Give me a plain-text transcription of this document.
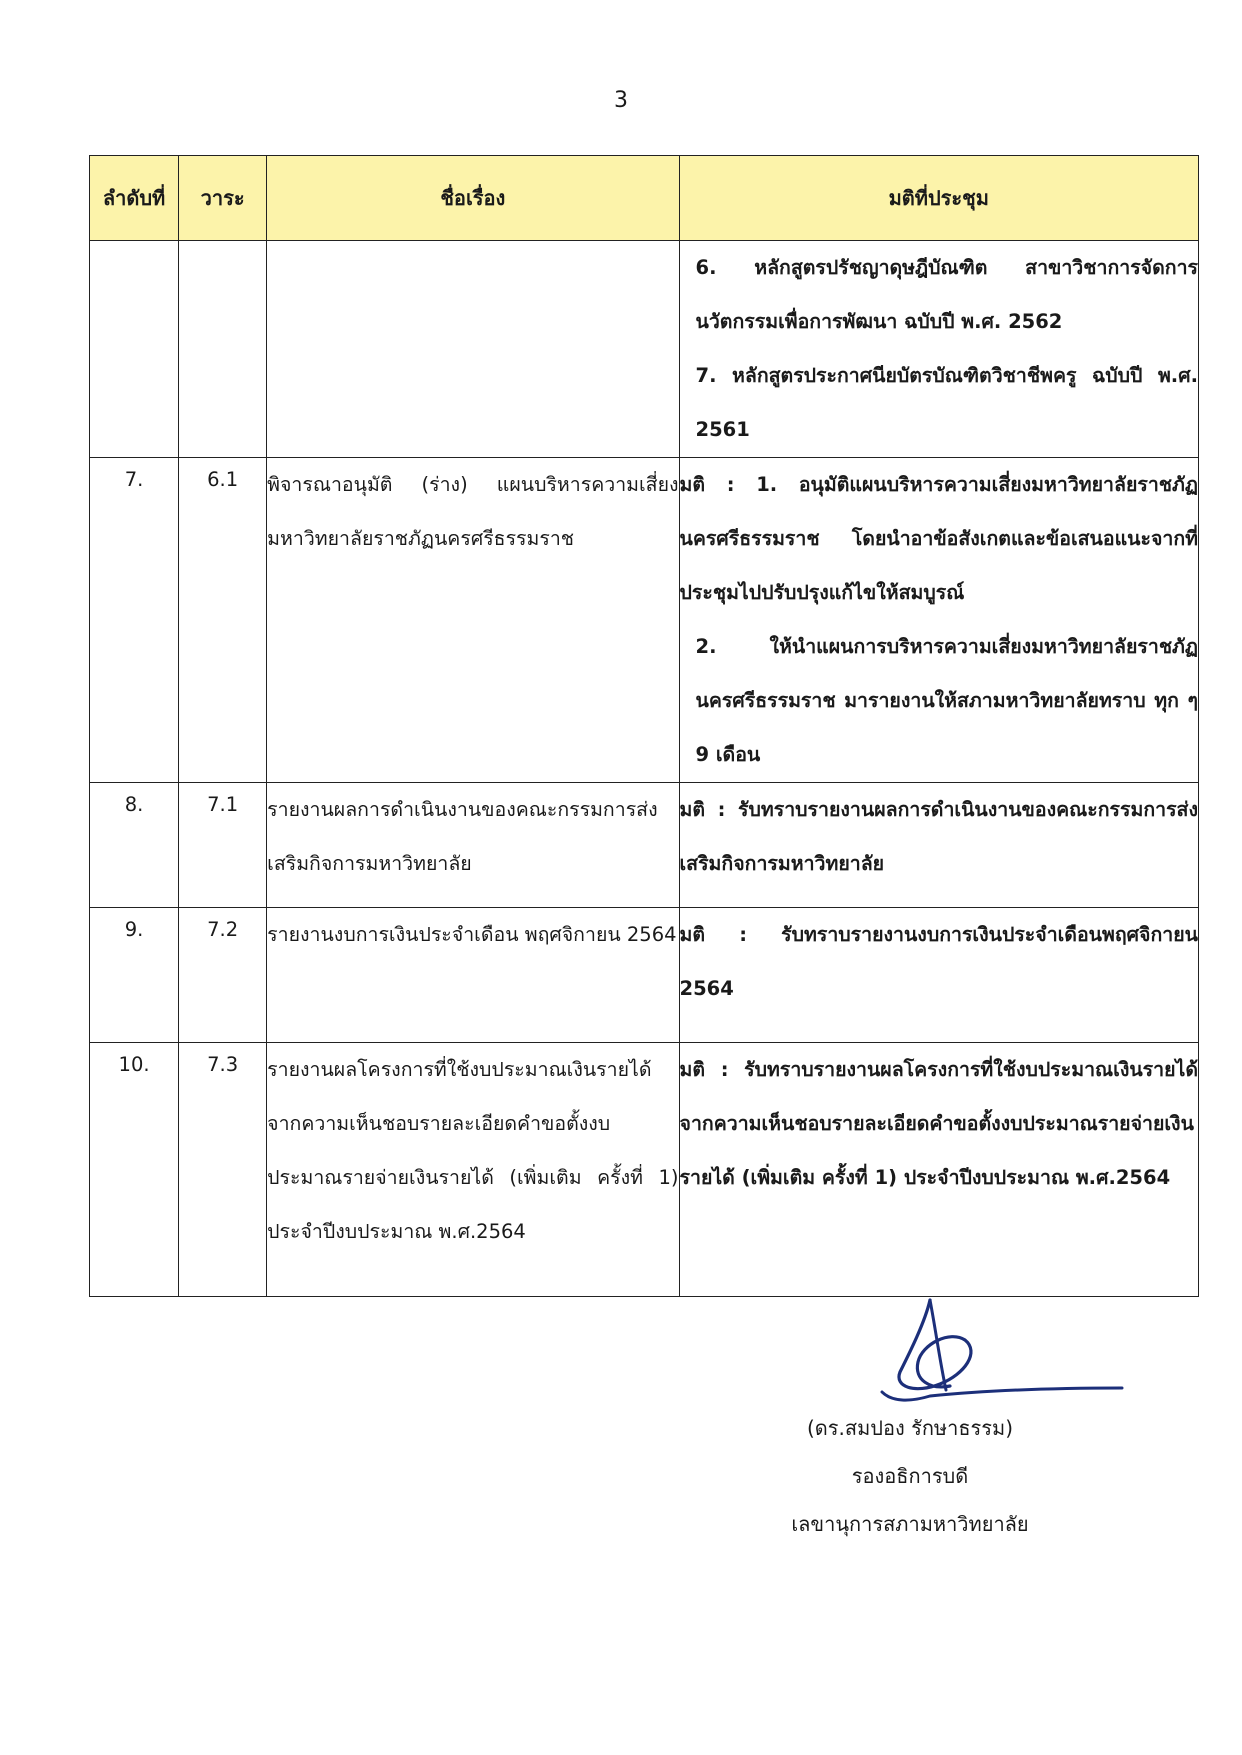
3
ลำดับที่	วาระ	ชื่อเรื่อง	มติที่ประชุม

			6. หลักสูตรปรัชญาดุษฎีบัณฑิต สาขาวิชาการจัดการนวัตกรรมเพื่อการพัฒนา ฉบับปี พ.ศ. 2562
7. หลักสูตรประกาศนียบัตรบัณฑิตวิชาชีพครู ฉบับปี พ.ศ. 2561

7.	6.1	พิจารณาอนุมัติ (ร่าง) แผนบริหารความเสี่ยงมหาวิทยาลัยราชภัฏนครศรีธรรมราช	มติ : 1. อนุมัติแผนบริหารความเสี่ยงมหาวิทยาลัยราชภัฏนครศรีธรรมราช โดยนำอาข้อสังเกตและข้อเสนอแนะจากที่ประชุมไปปรับปรุงแก้ไขให้สมบูรณ์
2. ให้นำแผนการบริหารความเสี่ยงมหาวิทยาลัยราชภัฏนครศรีธรรมราช มารายงานให้สภามหาวิทยาลัยทราบ ทุก ๆ 9 เดือน

8.	7.1	รายงานผลการดำเนินงานของคณะกรรมการส่งเสริมกิจการมหาวิทยาลัย	มติ : รับทราบรายงานผลการดำเนินงานของคณะกรรมการส่งเสริมกิจการมหาวิทยาลัย

9.	7.2	รายงานงบการเงินประจำเดือน พฤศจิกายน 2564	มติ : รับทราบรายงานงบการเงินประจำเดือนพฤศจิกายน 2564

10.	7.3	รายงานผลโครงการที่ใช้งบประมาณเงินรายได้จากความเห็นชอบรายละเอียดคำขอตั้งงบประมาณรายจ่ายเงินรายได้ (เพิ่มเติม ครั้งที่ 1) ประจำปีงบประมาณ พ.ศ.2564	มติ : รับทราบรายงานผลโครงการที่ใช้งบประมาณเงินรายได้จากความเห็นชอบรายละเอียดคำขอตั้งงบประมาณรายจ่ายเงินรายได้ (เพิ่มเติม ครั้งที่ 1) ประจำปีงบประมาณ พ.ศ.2564
(ดร.สมปอง รักษาธรรม)
รองอธิการบดี
เลขานุการสภามหาวิทยาลัย
